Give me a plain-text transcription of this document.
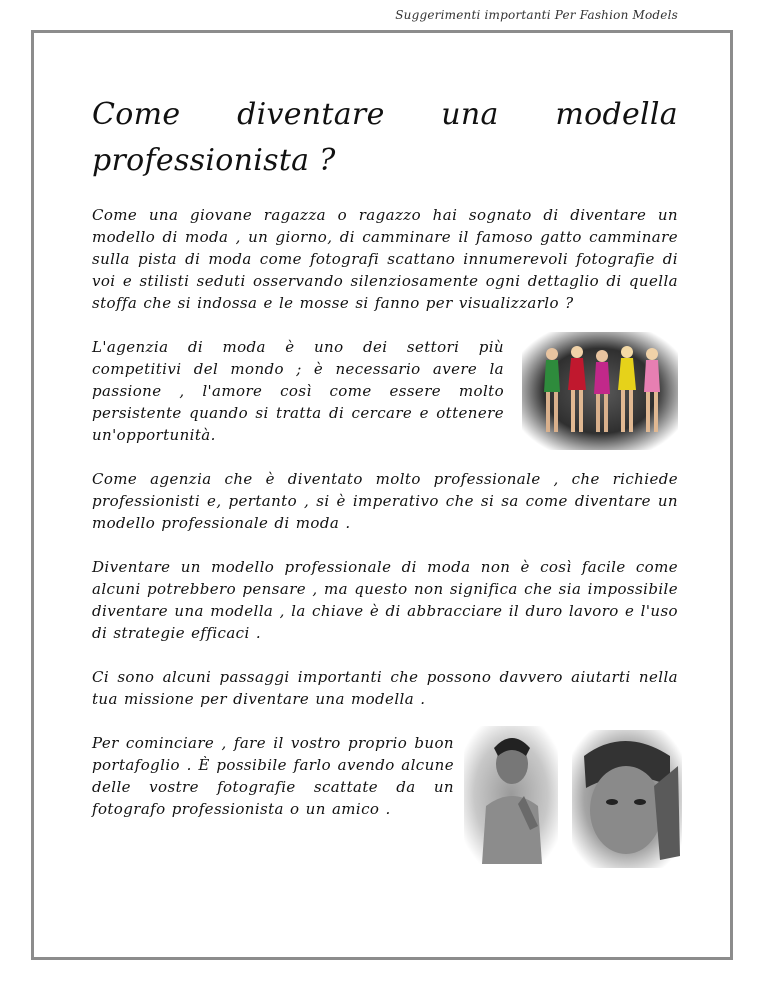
Suggerimenti importanti Per Fashion Models
Come diventare una modella professionista ?

Come una giovane ragazza o ragazzo hai sognato di diventare un modello di moda , un giorno, di camminare il famoso gatto camminare sulla pista di moda come fotografi scattano innumerevoli fotografie di voi e stilisti seduti osservando silenziosamente ogni dettaglio di quella stoffa che si indossa e le mosse si fanno per visualizzarlo ?

L'agenzia di moda è uno dei settori più competitivi del mondo ; è necessario avere la passione , l'amore così come essere molto persistente quando si tratta di cercare e ottenere un'opportunità.

Come agenzia che è diventato molto professionale , che richiede professionisti e, pertanto , si è imperativo che si sa come diventare un modello professionale di moda .

Diventare un modello professionale di moda non è così facile come alcuni potrebbero pensare , ma questo non significa che sia impossibile diventare una modella , la chiave è di abbracciare il duro lavoro e l'uso di strategie efficaci .

Ci sono alcuni passaggi importanti che possono davvero aiutarti nella tua missione per diventare una modella .

Per cominciare , fare il vostro proprio buon portafoglio . È possibile farlo avendo alcune delle vostre fotografie scattate da un fotografo professionista o un amico .
